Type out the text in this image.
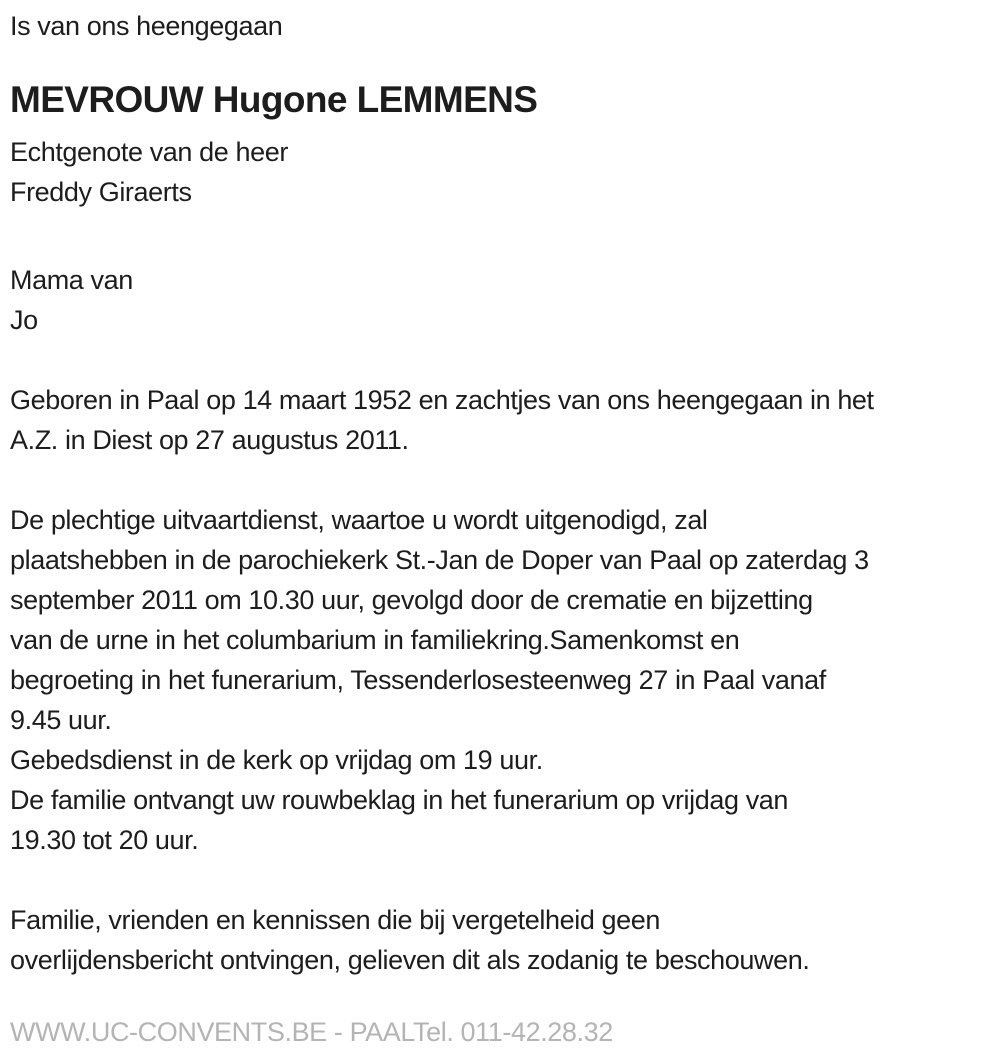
Is van ons heengegaan
MEVROUW Hugone LEMMENS
Echtgenote van de heer
Freddy Giraerts
Mama van
Jo
Geboren in Paal op 14 maart 1952 en zachtjes van ons heengegaan in het
A.Z. in Diest op 27 augustus 2011.
De plechtige uitvaartdienst, waartoe u wordt uitgenodigd, zal
plaatshebben in de parochiekerk St.-Jan de Doper van Paal op zaterdag 3
september 2011 om 10.30 uur, gevolgd door de crematie en bijzetting
van de urne in het columbarium in familiekring.Samenkomst en
begroeting in het funerarium, Tessenderlosesteenweg 27 in Paal vanaf
9.45 uur.
Gebedsdienst in de kerk op vrijdag om 19 uur.
De familie ontvangt uw rouwbeklag in het funerarium op vrijdag van
19.30 tot 20 uur.
Familie, vrienden en kennissen die bij vergetelheid geen
overlijdensbericht ontvingen, gelieven dit als zodanig te beschouwen.
WWW.UC-CONVENTS.BE - PAALTel. 011-42.28.32
